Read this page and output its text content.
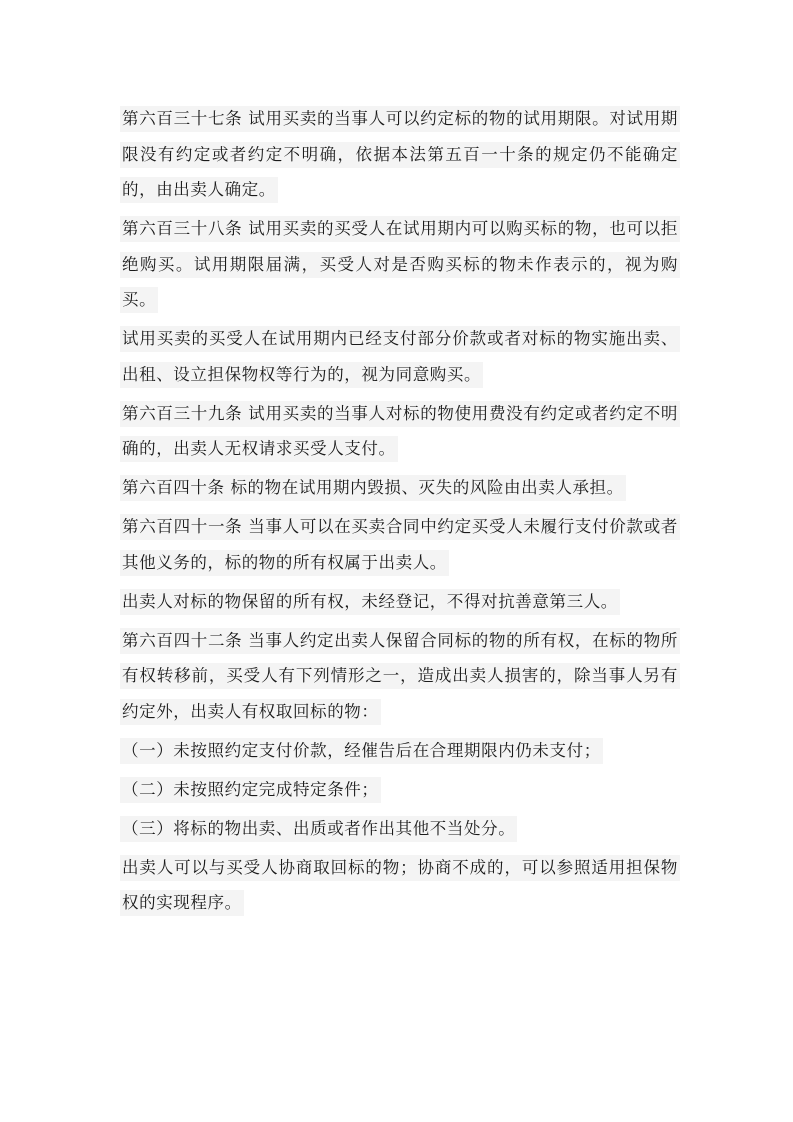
第六百三十七条 试用买卖的当事人可以约定标的物的试用期限。对试用期限没有约定或者约定不明确，依据本法第五百一十条的规定仍不能确定的，由出卖人确定。

第六百三十八条 试用买卖的买受人在试用期内可以购买标的物，也可以拒绝购买。试用期限届满，买受人对是否购买标的物未作表示的，视为购买。

试用买卖的买受人在试用期内已经支付部分价款或者对标的物实施出卖、出租、设立担保物权等行为的，视为同意购买。

第六百三十九条 试用买卖的当事人对标的物使用费没有约定或者约定不明确的，出卖人无权请求买受人支付。

第六百四十条 标的物在试用期内毁损、灭失的风险由出卖人承担。

第六百四十一条 当事人可以在买卖合同中约定买受人未履行支付价款或者其他义务的，标的物的所有权属于出卖人。

出卖人对标的物保留的所有权，未经登记，不得对抗善意第三人。

第六百四十二条 当事人约定出卖人保留合同标的物的所有权，在标的物所有权转移前，买受人有下列情形之一，造成出卖人损害的，除当事人另有约定外，出卖人有权取回标的物：

（一）未按照约定支付价款，经催告后在合理期限内仍未支付；

（二）未按照约定完成特定条件；

（三）将标的物出卖、出质或者作出其他不当处分。

出卖人可以与买受人协商取回标的物；协商不成的，可以参照适用担保物权的实现程序。
